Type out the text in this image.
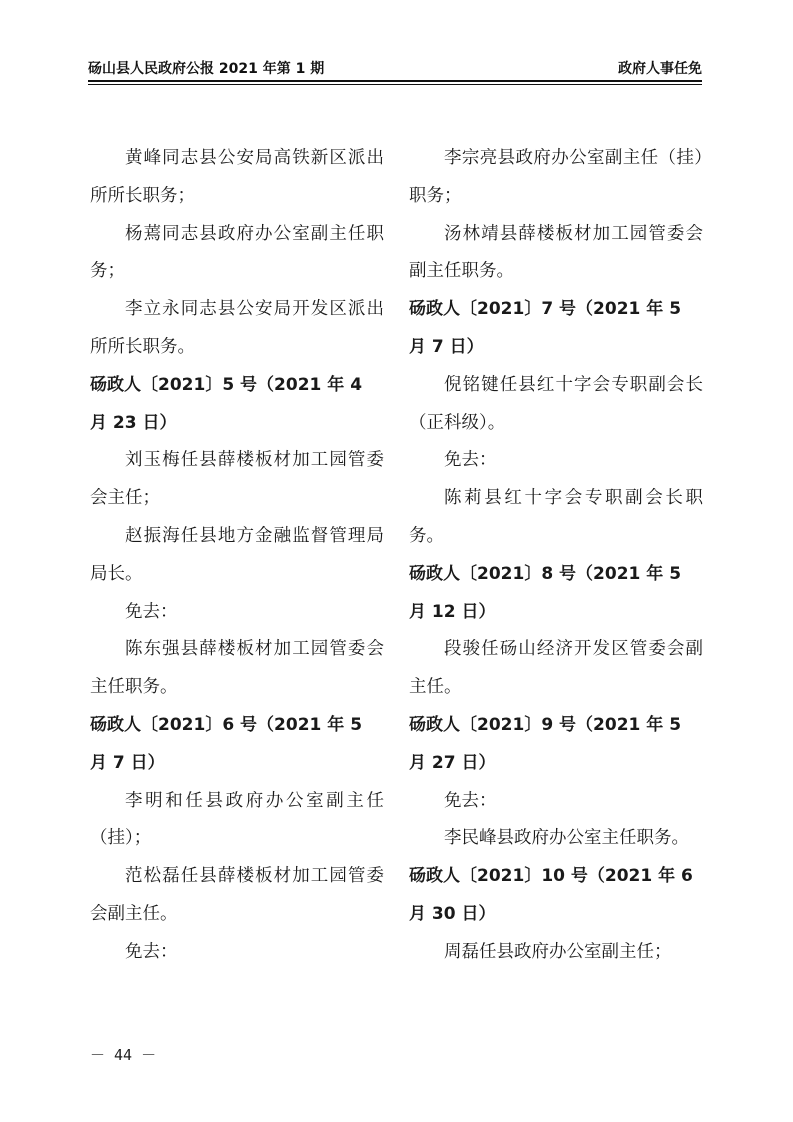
砀山县人民政府公报 2021 年第 1 期	政府人事任免

黄峰同志县公安局高铁新区派出所所长职务；

杨蔫同志县政府办公室副主任职务；

李立永同志县公安局开发区派出所所长职务。

砀政人〔2021〕5 号（2021 年 4 月 23 日）

刘玉梅任县薛楼板材加工园管委会主任；

赵振海任县地方金融监督管理局局长。

免去：

陈东强县薛楼板材加工园管委会主任职务。

砀政人〔2021〕6 号（2021 年 5 月 7 日）

李明和任县政府办公室副主任（挂）；

范松磊任县薛楼板材加工园管委会副主任。

免去：

李宗亮县政府办公室副主任（挂）职务；

汤林靖县薛楼板材加工园管委会副主任职务。

砀政人〔2021〕7 号（2021 年 5 月 7 日）

倪铭键任县红十字会专职副会长（正科级）。

免去：

陈莉县红十字会专职副会长职务。

砀政人〔2021〕8 号（2021 年 5 月 12 日）

段骏任砀山经济开发区管委会副主任。

砀政人〔2021〕9 号（2021 年 5 月 27 日）

免去：

李民峰县政府办公室主任职务。

砀政人〔2021〕10 号（2021 年 6 月 30 日）

周磊任县政府办公室副主任；

－ 44 －
